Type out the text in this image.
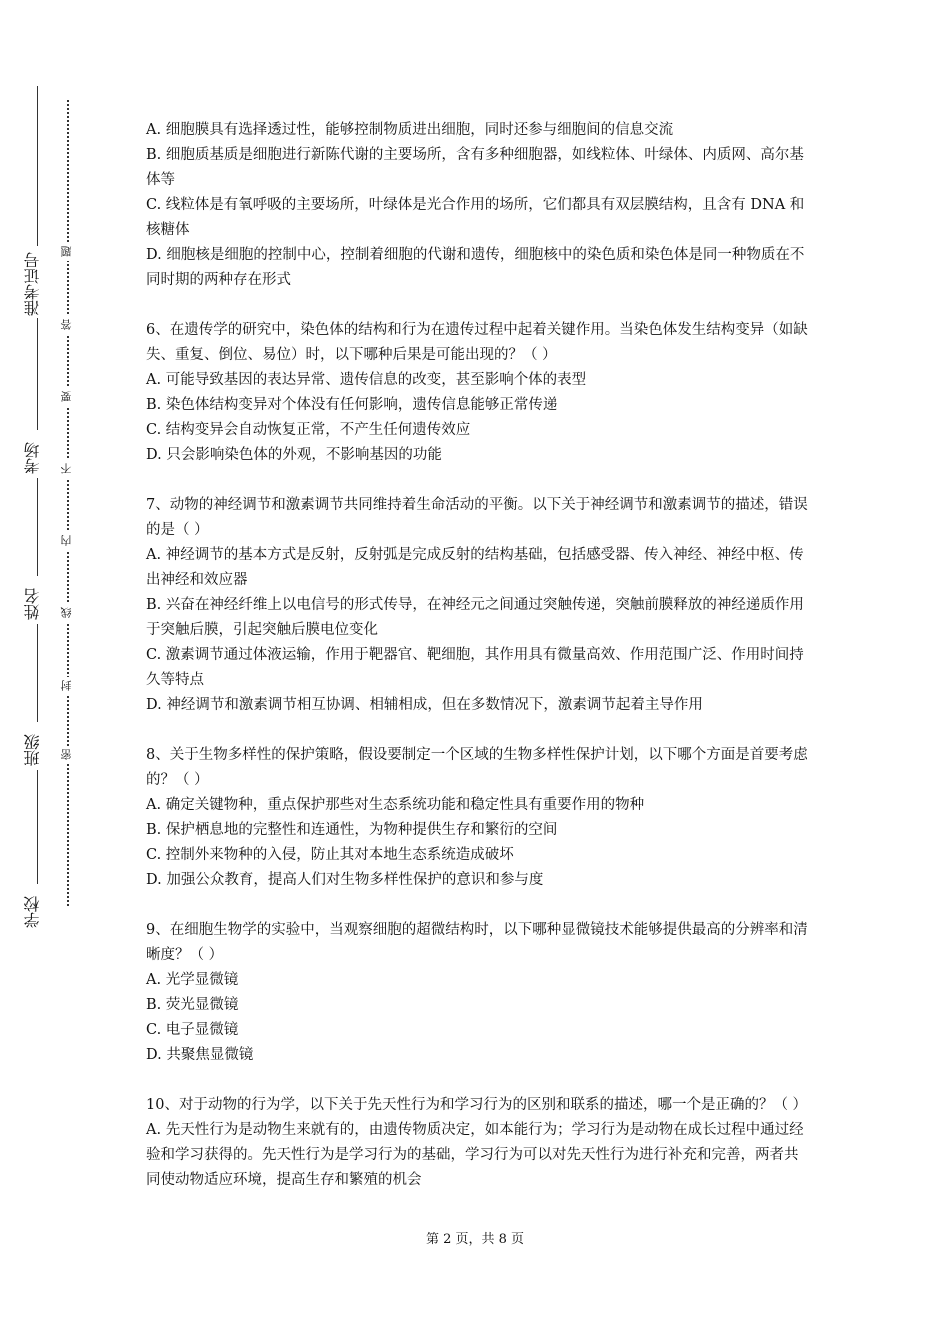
准考证号
考场
姓名
班级
学校
题
答
要
不
内
线
封
密

A. 细胞膜具有选择透过性，能够控制物质进出细胞，同时还参与细胞间的信息交流

B. 细胞质基质是细胞进行新陈代谢的主要场所，含有多种细胞器，如线粒体、叶绿体、内质网、高尔基体等

C. 线粒体是有氧呼吸的主要场所，叶绿体是光合作用的场所，它们都具有双层膜结构，且含有 DNA 和核糖体

D. 细胞核是细胞的控制中心，控制着细胞的代谢和遗传，细胞核中的染色质和染色体是同一种物质在不同时期的两种存在形式

6、在遗传学的研究中，染色体的结构和行为在遗传过程中起着关键作用。当染色体发生结构变异（如缺失、重复、倒位、易位）时，以下哪种后果是可能出现的？（ ）

A. 可能导致基因的表达异常、遗传信息的改变，甚至影响个体的表型

B. 染色体结构变异对个体没有任何影响，遗传信息能够正常传递

C. 结构变异会自动恢复正常，不产生任何遗传效应

D. 只会影响染色体的外观，不影响基因的功能

7、动物的神经调节和激素调节共同维持着生命活动的平衡。以下关于神经调节和激素调节的描述，错误的是（ ）

A. 神经调节的基本方式是反射，反射弧是完成反射的结构基础，包括感受器、传入神经、神经中枢、传出神经和效应器

B. 兴奋在神经纤维上以电信号的形式传导，在神经元之间通过突触传递，突触前膜释放的神经递质作用于突触后膜，引起突触后膜电位变化

C. 激素调节通过体液运输，作用于靶器官、靶细胞，其作用具有微量高效、作用范围广泛、作用时间持久等特点

D. 神经调节和激素调节相互协调、相辅相成，但在多数情况下，激素调节起着主导作用

8、关于生物多样性的保护策略，假设要制定一个区域的生物多样性保护计划，以下哪个方面是首要考虑的？（ ）

A. 确定关键物种，重点保护那些对生态系统功能和稳定性具有重要作用的物种

B. 保护栖息地的完整性和连通性，为物种提供生存和繁衍的空间

C. 控制外来物种的入侵，防止其对本地生态系统造成破坏

D. 加强公众教育，提高人们对生物多样性保护的意识和参与度

9、在细胞生物学的实验中，当观察细胞的超微结构时，以下哪种显微镜技术能够提供最高的分辨率和清晰度？（ ）

A. 光学显微镜

B. 荧光显微镜

C. 电子显微镜

D. 共聚焦显微镜

10、对于动物的行为学，以下关于先天性行为和学习行为的区别和联系的描述，哪一个是正确的？（ ）

A. 先天性行为是动物生来就有的，由遗传物质决定，如本能行为；学习行为是动物在成长过程中通过经验和学习获得的。先天性行为是学习行为的基础，学习行为可以对先天性行为进行补充和完善，两者共同使动物适应环境，提高生存和繁殖的机会

第 2 页，共 8 页
